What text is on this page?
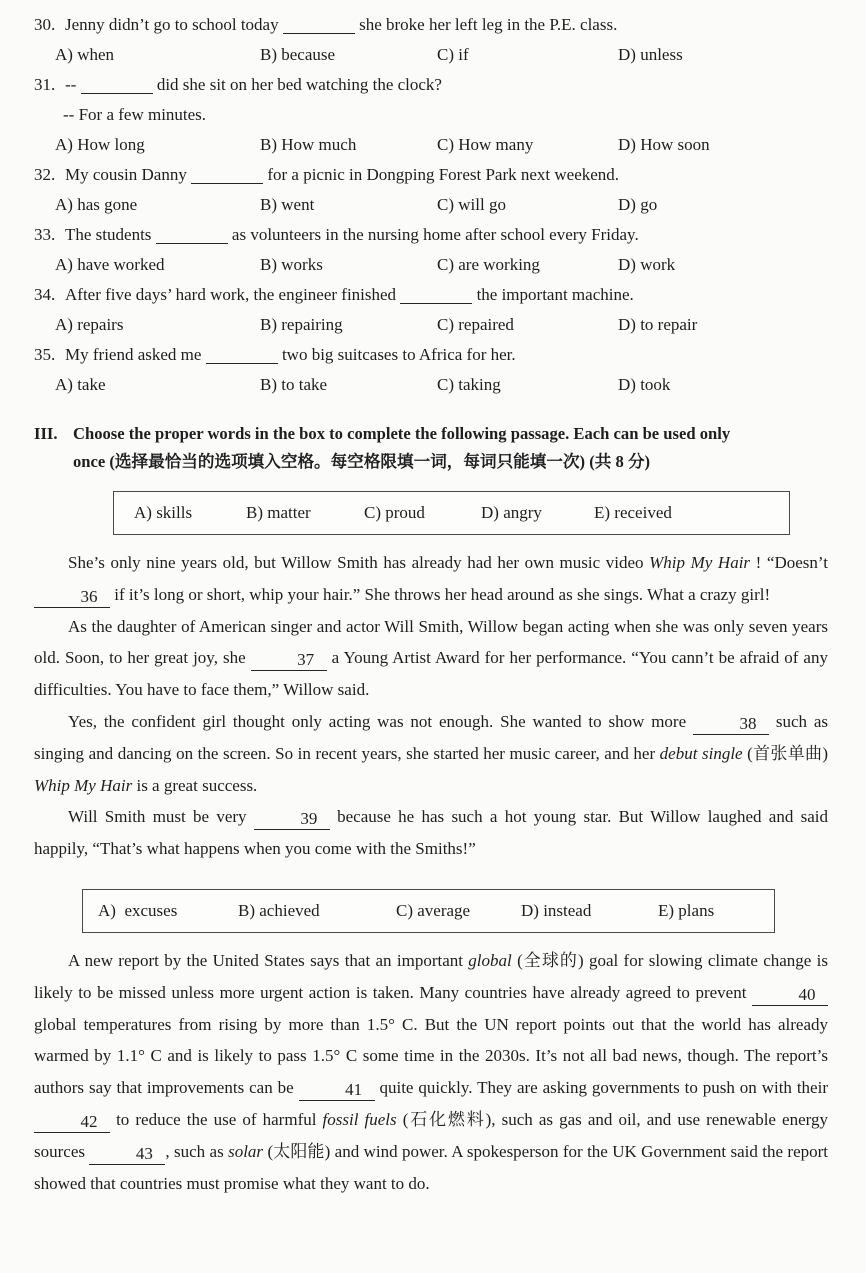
30. Jenny didn’t go to school today	she broke her left leg in the P.E. class.
A) when	B) because	C) if	D) unless
31. --	did she sit on her bed watching the clock?
-- For a few minutes.
A) How long	B) How much	C) How many	D) How soon
32. My cousin Danny	for a picnic in Dongping Forest Park next weekend.
A) has gone	B) went	C) will go	D) go
33. The students	as volunteers in the nursing home after school every Friday.
A) have worked	B) works	C) are working	D) work
34. After five days’ hard work, the engineer finished	the important machine.
A) repairs	B) repairing	C) repaired	D) to repair
35. My friend asked me	two big suitcases to Africa for her.
A) take	B) to take	C) taking	D) took
III. Choose the proper words in the box to complete the following passage. Each can be used only
once (选择最恰当的选项填入空格。每空格限填一词，每词只能填一次) (共 8 分)
A) skills	B) matter	C) proud	D) angry	E) received

She’s only nine years old, but Willow Smith has already had her own music video Whip My Hair ! “Doesn’t 36 if it’s long or short, whip your hair.” She throws her head around as she sings. What a crazy girl!

As the daughter of American singer and actor Will Smith, Willow began acting when she was only seven years old. Soon, to her great joy, she	37 a Young Artist Award for her performance. “You cann’t be afraid of any difficulties. You have to face them,” Willow said.

Yes, the confident girl thought only acting was not enough. She wanted to show more	38 such as singing and dancing on the screen. So in recent years, she started her music career, and her debut single (首张单曲) Whip My Hair is a great success.

Will Smith must be very	39 because he has such a hot young star. But Willow laughed and said happily, “That’s what happens when you come with the Smiths!”

A)  excuses	B) achieved	C) average	D) instead	E) plans

A new report by the United States says that an important global (全球的) goal for slowing climate change is likely to be missed unless more urgent action is taken. Many countries have already agreed to prevent	40 global temperatures from rising by more than 1.5° C. But the UN report points out that the world has already warmed by 1.1° C and is likely to pass 1.5° C some time in the 2030s. It’s not all bad news, though. The report’s authors say that improvements can be	41 quite quickly. They are asking governments to push on with their 42 to reduce the use of harmful fossil fuels (石化燃料), such as gas and oil, and use renewable energy sources	43 , such as solar (太阳能) and wind power. A spokesperson for the UK Government said the report showed that countries must promise what they want to do.
